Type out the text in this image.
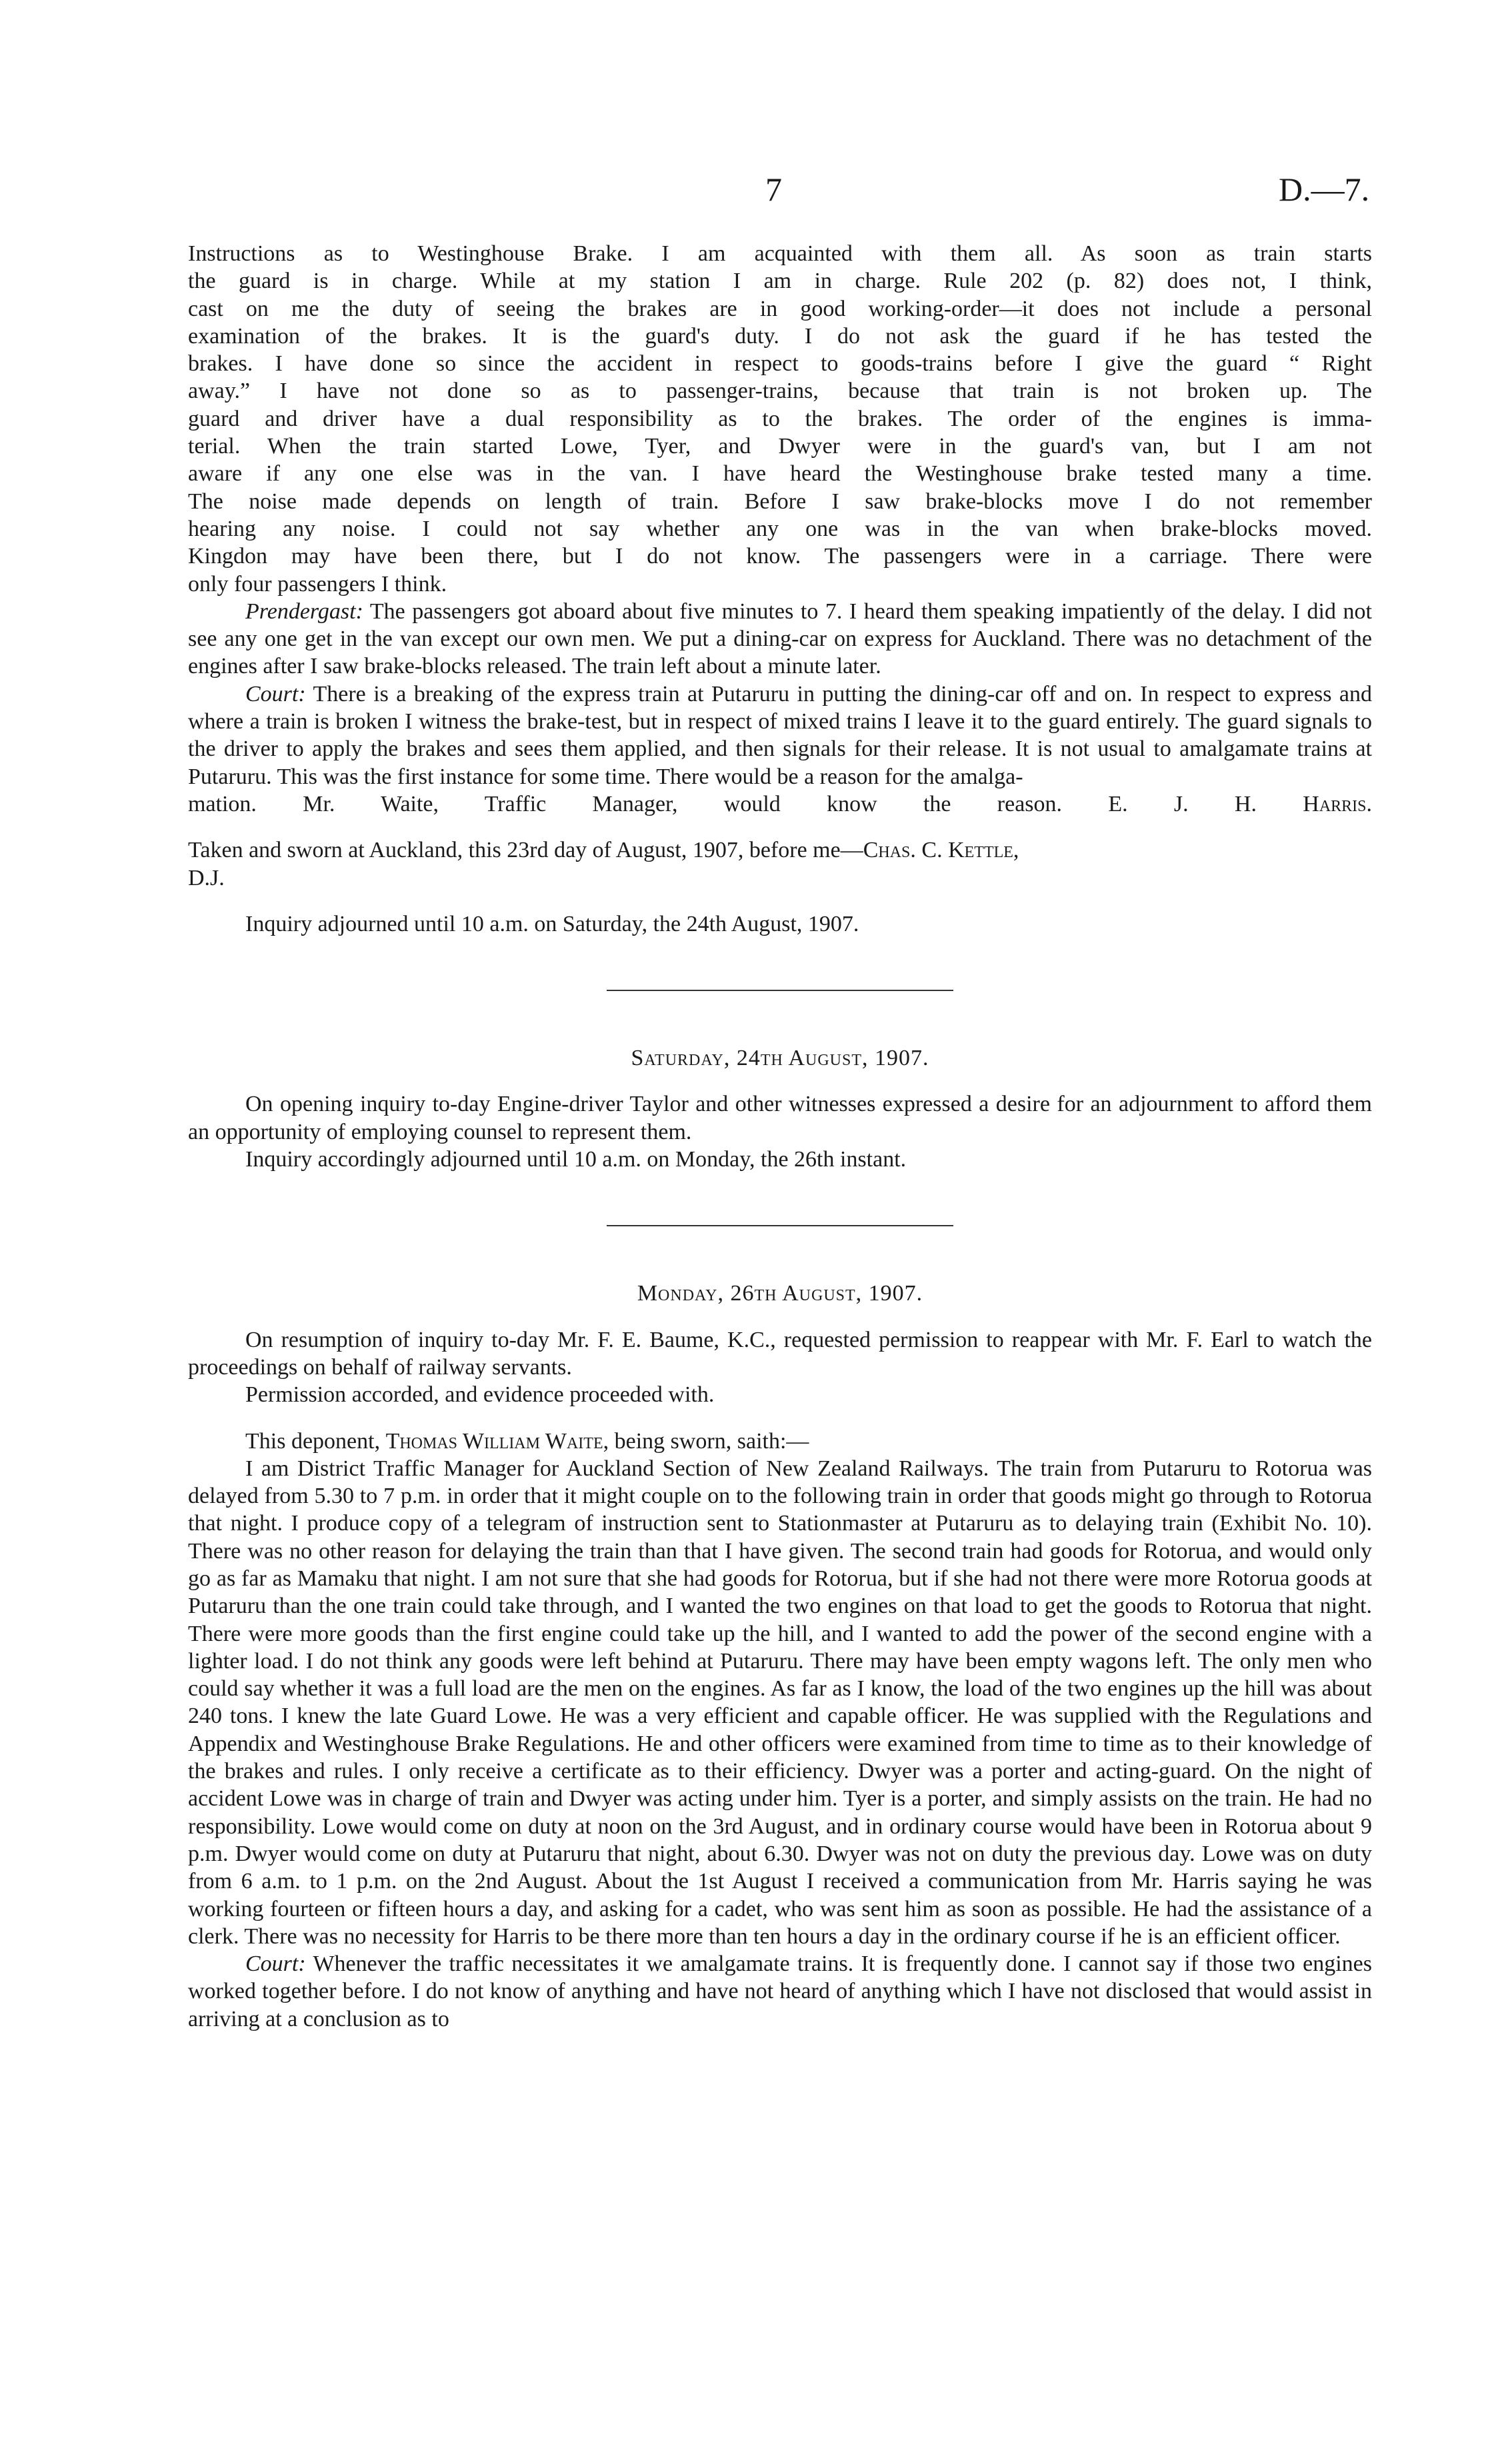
7	D.—7.

Instructions as to Westinghouse Brake. I am acquainted with them all. As soon as train starts

the guard is in charge. While at my station I am in charge. Rule 202 (p. 82) does not, I think,

cast on me the duty of seeing the brakes are in good working-order—it does not include a personal

examination of the brakes. It is the guard's duty. I do not ask the guard if he has tested the

brakes. I have done so since the accident in respect to goods-trains before I give the guard “ Right

away.” I have not done so as to passenger-trains, because that train is not broken up. The

guard and driver have a dual responsibility as to the brakes. The order of the engines is imma-

terial. When the train started Lowe, Tyer, and Dwyer were in the guard's van, but I am not

aware if any one else was in the van. I have heard the Westinghouse brake tested many a time.

The noise made depends on length of train. Before I saw brake-blocks move I do not remember

hearing any noise. I could not say whether any one was in the van when brake-blocks moved.

Kingdon may have been there, but I do not know. The passengers were in a carriage. There were

only four passengers I think.

Prendergast: The passengers got aboard about five minutes to 7. I heard them speaking impatiently of the delay. I did not see any one get in the van except our own men. We put a dining-car on express for Auckland. There was no detachment of the engines after I saw brake-blocks released. The train left about a minute later.

Court: There is a breaking of the express train at Putaruru in putting the dining-car off and on. In respect to express and where a train is broken I witness the brake-test, but in respect of mixed trains I leave it to the guard entirely. The guard signals to the driver to apply the brakes and sees them applied, and then signals for their release. It is not usual to amalgamate trains at Putaruru. This was the first instance for some time. There would be a reason for the amalga-

mation. Mr. Waite, Traffic Manager, would know the reason. E. J. H. Harris.

Taken and sworn at Auckland, this 23rd day of August, 1907, before me—Chas. C. Kettle,

D.J.

Inquiry adjourned until 10 a.m. on Saturday, the 24th August, 1907.

Saturday, 24th August, 1907.

On opening inquiry to-day Engine-driver Taylor and other witnesses expressed a desire for an adjournment to afford them an opportunity of employing counsel to represent them.

Inquiry accordingly adjourned until 10 a.m. on Monday, the 26th instant.

Monday, 26th August, 1907.

On resumption of inquiry to-day Mr. F. E. Baume, K.C., requested permission to reappear with Mr. F. Earl to watch the proceedings on behalf of railway servants.

Permission accorded, and evidence proceeded with.

This deponent, Thomas William Waite, being sworn, saith:—

I am District Traffic Manager for Auckland Section of New Zealand Railways. The train from Putaruru to Rotorua was delayed from 5.30 to 7 p.m. in order that it might couple on to the following train in order that goods might go through to Rotorua that night. I produce copy of a telegram of instruction sent to Stationmaster at Putaruru as to delaying train (Exhibit No. 10). There was no other reason for delaying the train than that I have given. The second train had goods for Rotorua, and would only go as far as Mamaku that night. I am not sure that she had goods for Rotorua, but if she had not there were more Rotorua goods at Putaruru than the one train could take through, and I wanted the two engines on that load to get the goods to Rotorua that night. There were more goods than the first engine could take up the hill, and I wanted to add the power of the second engine with a lighter load. I do not think any goods were left behind at Putaruru. There may have been empty wagons left. The only men who could say whether it was a full load are the men on the engines. As far as I know, the load of the two engines up the hill was about 240 tons. I knew the late Guard Lowe. He was a very efficient and capable officer. He was supplied with the Regulations and Appendix and Westinghouse Brake Regulations. He and other officers were examined from time to time as to their knowledge of the brakes and rules. I only receive a certificate as to their efficiency. Dwyer was a porter and acting-guard. On the night of accident Lowe was in charge of train and Dwyer was acting under him. Tyer is a porter, and simply assists on the train. He had no responsibility. Lowe would come on duty at noon on the 3rd August, and in ordinary course would have been in Rotorua about 9 p.m. Dwyer would come on duty at Putaruru that night, about 6.30. Dwyer was not on duty the previous day. Lowe was on duty from 6 a.m. to 1 p.m. on the 2nd August. About the 1st August I received a communication from Mr. Harris saying he was working fourteen or fifteen hours a day, and asking for a cadet, who was sent him as soon as possible. He had the assistance of a clerk. There was no necessity for Harris to be there more than ten hours a day in the ordinary course if he is an efficient officer.

Court: Whenever the traffic necessitates it we amalgamate trains. It is frequently done. I cannot say if those two engines worked together before. I do not know of anything and have not heard of anything which I have not disclosed that would assist in arriving at a conclusion as to
